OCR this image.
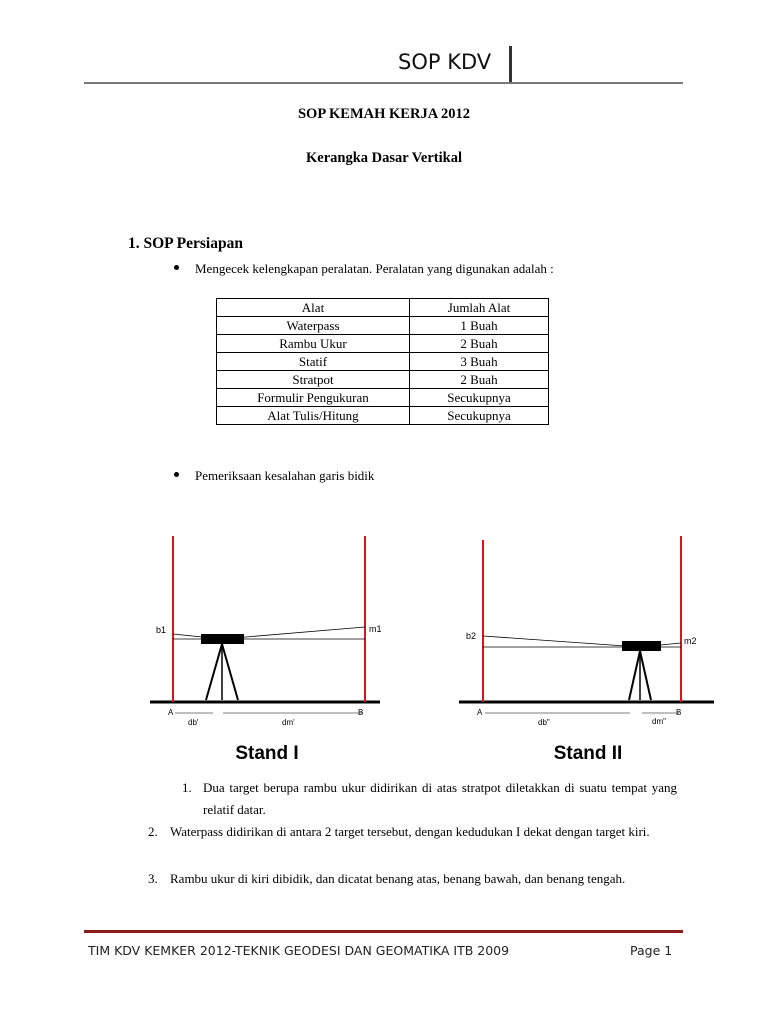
SOP KDV
SOP KEMAH KERJA 2012
Kerangka Dasar Vertikal
1. SOP Persiapan
Mengecek kelengkapan peralatan. Peralatan yang digunakan adalah :
Alat	Jumlah Alat
Waterpass	1 Buah
Rambu Ukur	2 Buah
Statif	3 Buah
Stratpot	2 Buah
Formulir Pengukuran	Secukupnya
Alat Tulis/Hitung	Secukupnya
Pemeriksaan kesalahan garis bidik
b1	m1
A	B
db'	dm'
Stand I
b2	m2
A	B
db"	dm"
Stand II
1. Dua target berupa rambu ukur didirikan di atas stratpot diletakkan di suatu tempat yang relatif datar.
2. Waterpass didirikan di antara 2 target tersebut, dengan kedudukan I dekat dengan target kiri.
3. Rambu ukur di kiri dibidik, dan dicatat benang atas, benang bawah, dan benang tengah.
TIM KDV KEMKER 2012-TEKNIK GEODESI DAN GEOMATIKA ITB 2009	Page 1
